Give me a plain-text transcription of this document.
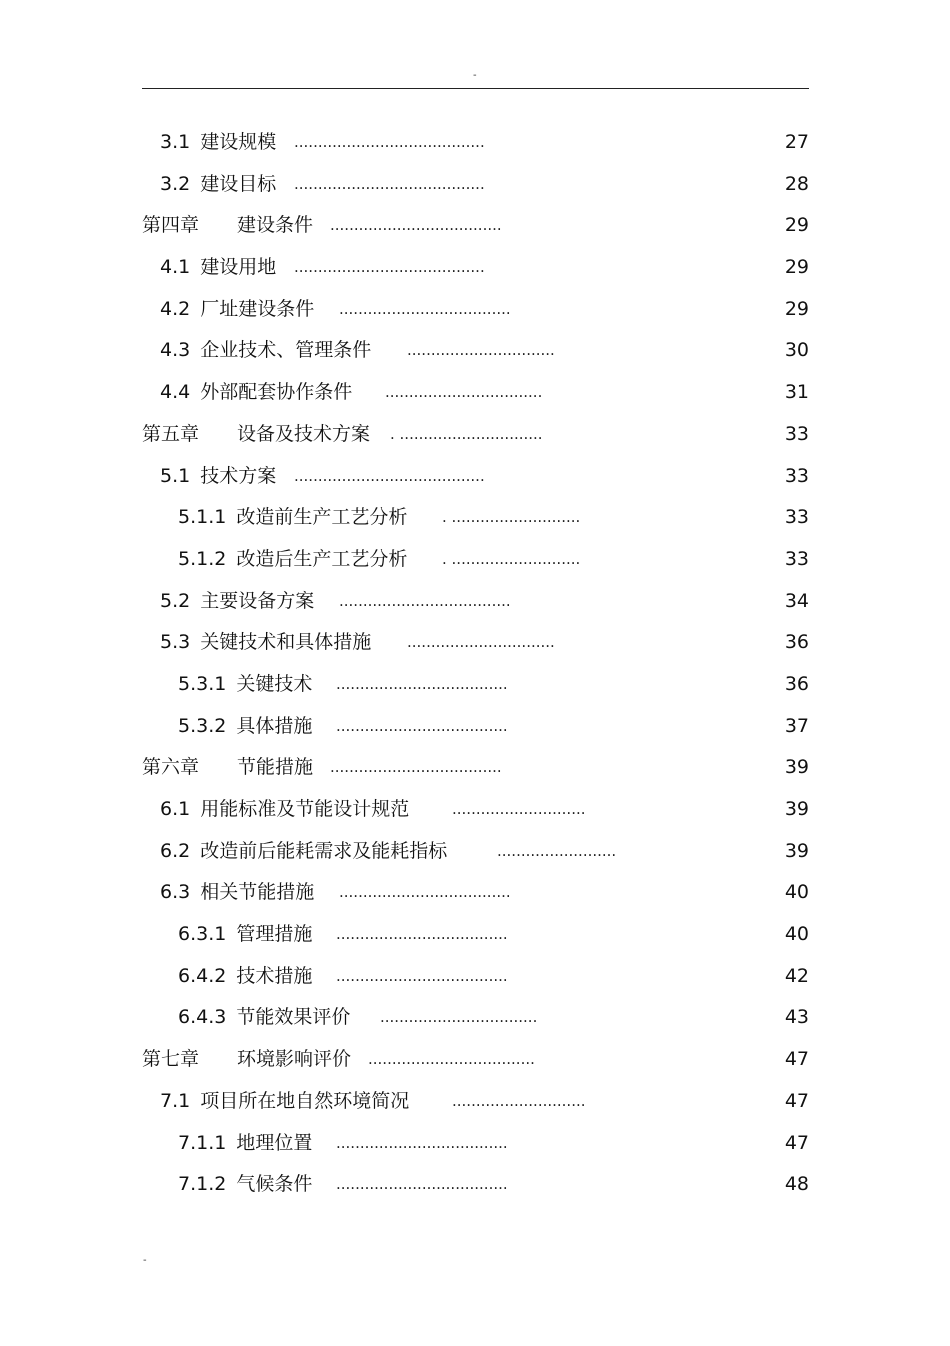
-
3.1 建设规模 ........................................	27
3.2 建设目标 ........................................	28
第四章 建设条件 ....................................	29
4.1 建设用地 ........................................	29
4.2 厂址建设条件 ....................................	29
4.3 企业技术、管理条件 ...............................	30
4.4 外部配套协作条件 .................................	31
第五章 设备及技术方案 . ..............................	33
5.1 技术方案 ........................................	33
5.1.1 改造前生产工艺分析 . ...........................	33
5.1.2 改造后生产工艺分析 . ...........................	33
5.2 主要设备方案 ....................................	34
5.3 关键技术和具体措施 ...............................	36
5.3.1 关键技术 ....................................	36
5.3.2 具体措施 ....................................	37
第六章 节能措施 ....................................	39
6.1 用能标准及节能设计规范	............................	39
6.2 改造前后能耗需求及能耗指标	.........................	39
6.3 相关节能措施 ....................................	40
6.3.1 管理措施 ....................................	40
6.4.2 技术措施 ....................................	42
6.4.3 节能效果评价 .................................	43
第七章 环境影响评价 ...................................	47
7.1 项目所在地自然环境简况	............................	47
7.1.1 地理位置 ....................................	47
7.1.2 气候条件 ....................................	48
-
